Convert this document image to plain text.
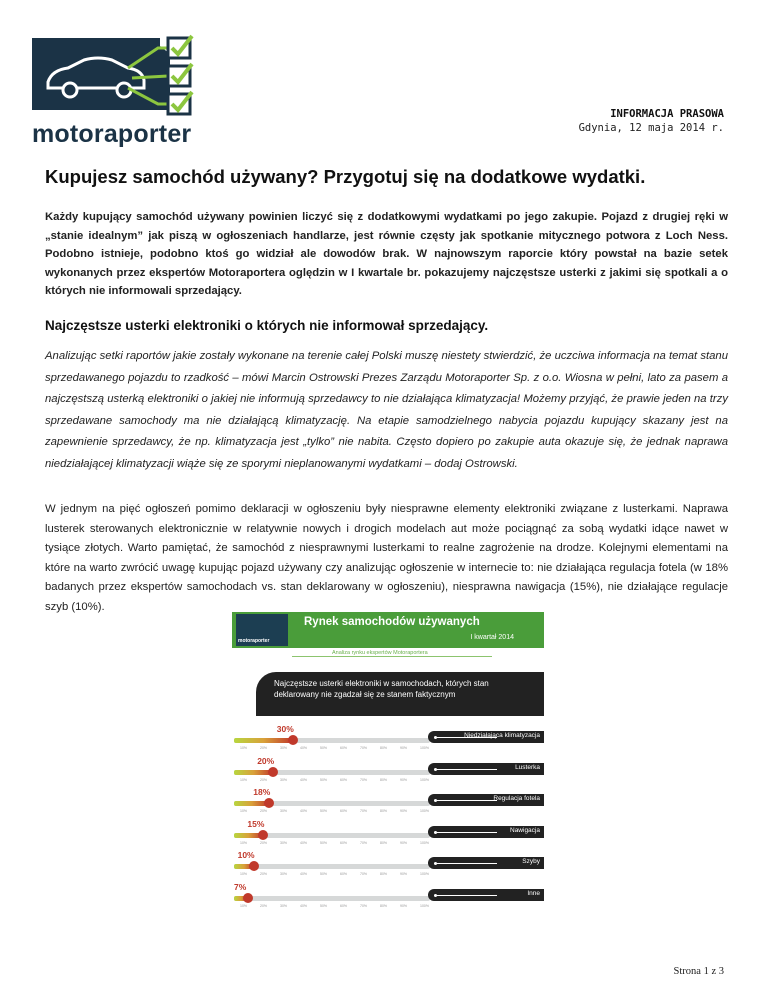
motoraporter
INFORMACJA PRASOWA
Gdynia, 12 maja 2014 r.
Kupujesz samochód używany? Przygotuj się na dodatkowe wydatki.
Każdy kupujący samochód używany powinien liczyć się z dodatkowymi wydatkami po jego zakupie. Pojazd z drugiej ręki w „stanie idealnym” jak piszą w ogłoszeniach handlarze, jest równie częsty jak spotkanie mitycznego potwora z Loch Ness. Podobno istnieje, podobno ktoś go widział ale dowodów brak. W najnowszym raporcie który powstał na bazie setek wykonanych przez ekspertów Motoraportera oględzin w I kwartale br. pokazujemy najczęstsze usterki z jakimi się spotkali a o których nie informowali sprzedający.
Najczęstsze usterki elektroniki o których nie informował sprzedający.
Analizując setki raportów jakie zostały wykonane na terenie całej Polski muszę niestety stwierdzić, że uczciwa informacja na temat stanu sprzedawanego pojazdu to rzadkość – mówi Marcin Ostrowski Prezes Zarządu Motoraporter Sp. z o.o. Wiosna w pełni, lato za pasem a najczęstszą usterką elektroniki o jakiej nie informują sprzedawcy to nie działająca klimatyzacja! Możemy przyjąć, że prawie jeden na trzy sprzedawane samochody ma nie działającą klimatyzację. Na etapie samodzielnego nabycia pojazdu kupujący skazany jest na zapewnienie sprzedawcy, że np. klimatyzacja jest „tylko” nie nabita. Często dopiero po zakupie auta okazuje się, że jednak naprawa niedziałającej klimatyzacji wiąże się ze sporymi nieplanowanymi wydatkami – dodaj Ostrowski.
W jednym na pięć ogłoszeń pomimo deklaracji w ogłoszeniu były niesprawne elementy elektroniki związane z lusterkami. Naprawa lusterek sterowanych elektronicznie w relatywnie nowych i drogich modelach aut może pociągnąć za sobą wydatki idące nawet w tysiące złotych. Warto pamiętać, że samochód z niesprawnymi lusterkami to realne zagrożenie na drodze. Kolejnymi elementami na które na warto zwrócić uwagę kupując pojazd używany czy analizując ogłoszenie w internecie to: nie działająca regulacja fotela (w 18% badanych przez ekspertów samochodach vs. stan deklarowany w ogłoszeniu), niesprawna nawigacja (15%), nie działające regulacje szyb (10%).
motoraporter
Rynek samochodów używanych
I kwartał 2014
Analiza rynku ekspertów Motoraportera
Najczęstsze usterki elektroniki w samochodach, których stan deklarowany nie zgadzał się ze stanem faktycznym
30%
Niedziałająca klimatyzacja
10%	20%	30%	40%	50%	60%	70%	80%	90%	100%
20%
Lusterka
10%	20%	30%	40%	50%	60%	70%	80%	90%	100%
18%
Regulacja fotela
10%	20%	30%	40%	50%	60%	70%	80%	90%	100%
15%
Nawigacja
10%	20%	30%	40%	50%	60%	70%	80%	90%	100%
10%
Szyby
10%	20%	30%	40%	50%	60%	70%	80%	90%	100%
7%
Inne
10%	20%	30%	40%	50%	60%	70%	80%	90%	100%
Strona 1 z 3
